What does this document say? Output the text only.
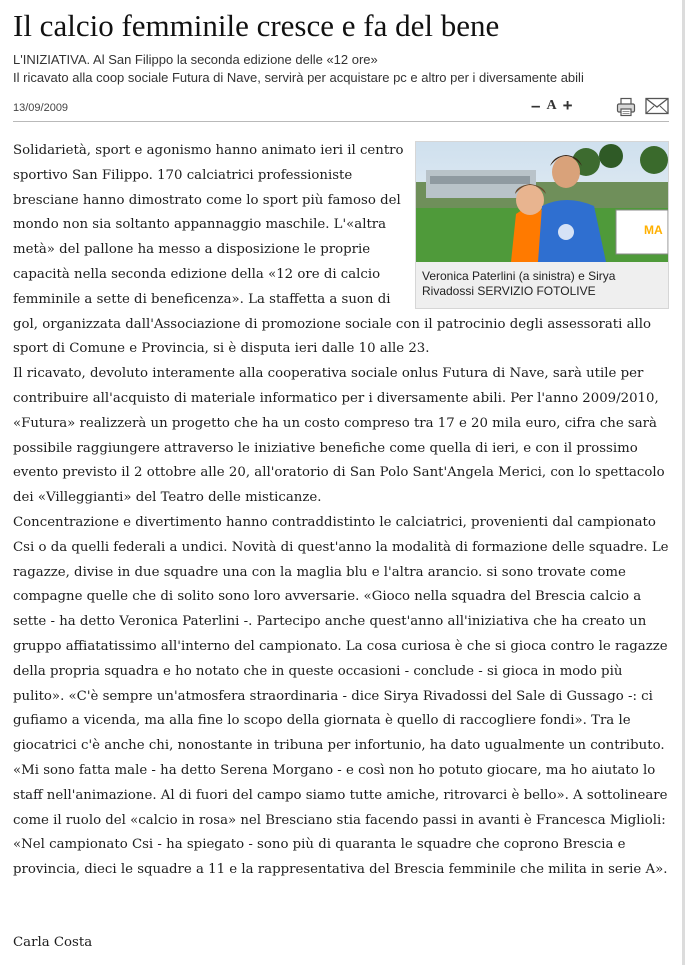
Il calcio femminile cresce e fa del bene
L'INIZIATIVA. Al San Filippo la seconda edizione delle «12 ore»
Il ricavato alla coop sociale Futura di Nave, servirà per acquistare pc e altro per i diversamente abili
13/09/2009	– A +

Solidarietà, sport e agonismo hanno animato ieri il centro sportivo San Filippo. 170 calciatrici professioniste bresciane hanno dimostrato come lo sport più famoso del mondo non sia soltanto appannaggio maschile. L'«altra metà» del pallone ha messo a disposizione le proprie capacità nella seconda edizione della «12 ore di calcio femminile a sette di beneficenza». La staffetta a suon di gol, organizzata dall'Associazione di promozione sociale con il patrocinio degli assessorati allo sport di Comune e Provincia, si è disputa ieri dalle 10 alle 23.

Il ricavato, devoluto interamente alla cooperativa sociale onlus Futura di Nave, sarà utile per contribuire all'acquisto di materiale informatico per i diversamente abili. Per l'anno 2009/2010, «Futura» realizzerà un progetto che ha un costo compreso tra 17 e 20 mila euro, cifra che sarà possibile raggiungere attraverso le iniziative benefiche come quella di ieri, e con il prossimo evento previsto il 2 ottobre alle 20, all'oratorio di San Polo Sant'Angela Merici, con lo spettacolo dei «Villeggianti» del Teatro delle misticanze.

Concentrazione e divertimento hanno contraddistinto le calciatrici, provenienti dal campionato Csi o da quelli federali a undici. Novità di quest'anno la modalità di formazione delle squadre. Le ragazze, divise in due squadre una con la maglia blu e l'altra arancio. si sono trovate come compagne quelle che di solito sono loro avversarie. «Gioco nella squadra del Brescia calcio a sette - ha detto Veronica Paterlini -. Partecipo anche quest'anno all'iniziativa che ha creato un gruppo affiatatissimo all'interno del campionato. La cosa curiosa è che si gioca contro le ragazze della propria squadra e ho notato che in queste occasioni - conclude - si gioca in modo più pulito». «C'è sempre un'atmosfera straordinaria - dice Sirya Rivadossi del Sale di Gussago -: ci gufiamo a vicenda, ma alla fine lo scopo della giornata è quello di raccogliere fondi». Tra le giocatrici c'è anche chi, nonostante in tribuna per infortunio, ha dato ugualmente un contributo. «Mi sono fatta male - ha detto Serena Morgano - e così non ho potuto giocare, ma ho aiutato lo staff nell'animazione. Al di fuori del campo siamo tutte amiche, ritrovarci è bello». A sottolineare come il ruolo del «calcio in rosa» nel Bresciano stia facendo passi in avanti è Francesca Miglioli: «Nel campionato Csi - ha spiegato - sono più di quaranta le squadre che coprono Brescia e provincia, dieci le squadre a 11 e la rappresentativa del Brescia femminile che milita in serie A».

MA
Veronica Paterlini (a sinistra) e Sirya Rivadossi SERVIZIO FOTOLIVE
Carla Costa
